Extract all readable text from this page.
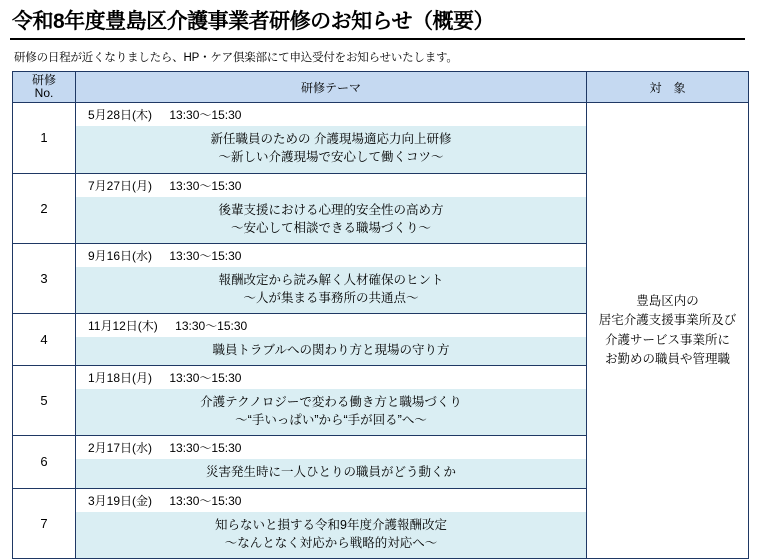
令和8年度豊島区介護事業者研修のお知らせ（概要）
研修の日程が近くなりましたら、HP・ケア倶楽部にて申込受付をお知らせいたします。
研修
No.	研修テーマ	対　象
1	
5月28日(木) 13:30～15:30
新任職員のための 介護現場適応力向上研修
～新しい介護現場で安心して働くコツ～

豊島区内の
居宅介護支援事業所及び
介護サービス事業所に
お勤めの職員や管理職

2	7月27日(月) 13:30～15:30
後輩支援における心理的安全性の高め方
～安心して相談できる職場づくり～	

3	9月16日(水) 13:30～15:30
報酬改定から読み解く人材確保のヒント
～人が集まる事務所の共通点～	

4	11月12日(木) 13:30～15:30
職員トラブルへの関わり方と現場の守り方	

5	1月18日(月) 13:30～15:30
介護テクノロジーで変わる働き方と職場づくり
～“手いっぱい”から“手が回る”へ～	

6	2月17日(水) 13:30～15:30
災害発生時に一人ひとりの職員がどう動くか	

7	3月19日(金) 13:30～15:30
知らないと損する令和9年度介護報酬改定
～なんとなく対応から戦略的対応へ～	
